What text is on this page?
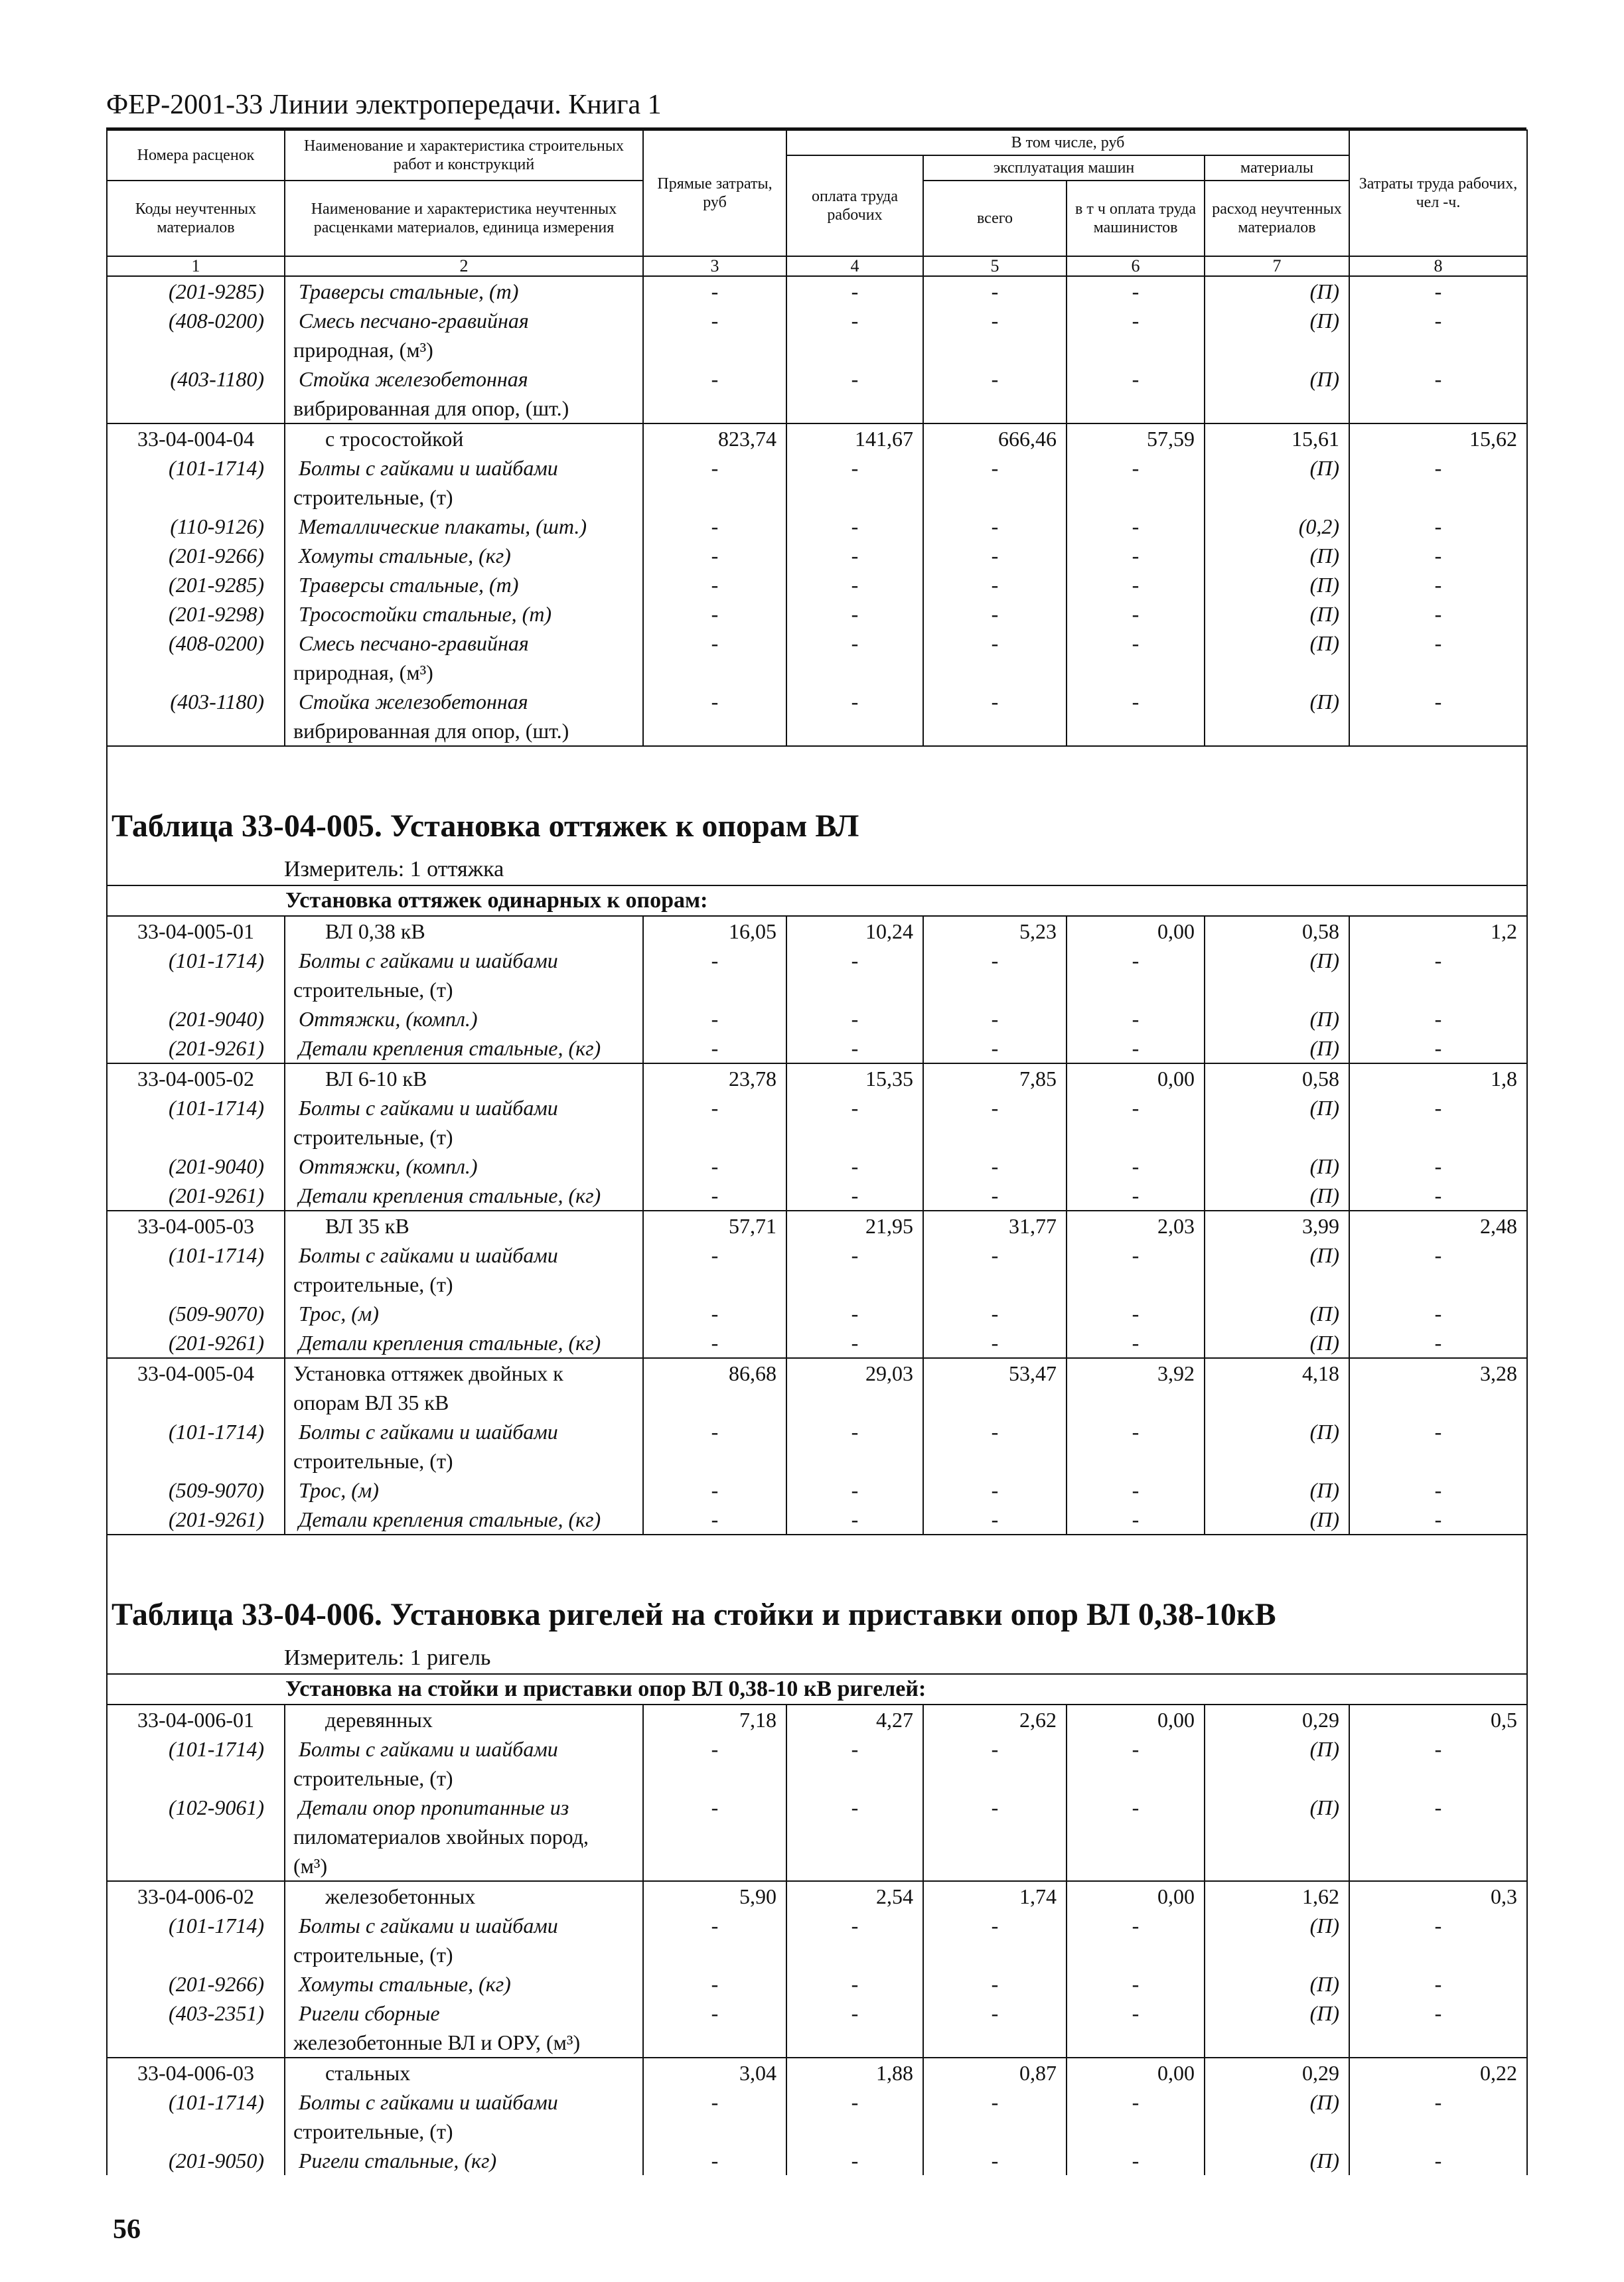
ФЕР-2001-33 Линии электропередачи. Книга 1
Номера расценок	Наименование и характеристика строительных работ и конструкций	Прямые затраты, руб	В том числе, руб				Затраты труда рабочих, чел -ч.
			оплата труда рабочих	эксплуатация машин		материалы	
Коды неучтенных материалов	Наименование и характеристика неучтенных расценками материалов, единица измерения			всего	в т ч оплата труда машинистов	расход неучтенных материалов	

1	2	3	4	5	6	7	8
(201-9285)	Траверсы стальные, (т)	-	-	-	-	(П)	-
(408-0200)	Смесь песчано-гравийная	-	-	-	-	(П)	-
	природная, (м³)						
(403-1180)	Стойка железобетонная	-	-	-	-	(П)	-
	вибрированная для опор, (шт.)						
33-04-004-04	с тросостойкой	823,74	141,67	666,46	57,59	15,61	15,62
(101-1714)	Болты с гайками и шайбами	-	-	-	-	(П)	-
	строительные, (т)						
(110-9126)	Металлические плакаты, (шт.)	-	-	-	-	(0,2)	-
(201-9266)	Хомуты стальные, (кг)	-	-	-	-	(П)	-
(201-9285)	Траверсы стальные, (т)	-	-	-	-	(П)	-
(201-9298)	Тросостойки стальные, (т)	-	-	-	-	(П)	-
(408-0200)	Смесь песчано-гравийная	-	-	-	-	(П)	-
	природная, (м³)						
(403-1180)	Стойка железобетонная	-	-	-	-	(П)	-
	вибрированная для опор, (шт.)						

Таблица 33-04-005. Установка оттяжек к опорам ВЛ							
Измеритель: 1 оттяжка							
Установка оттяжек одинарных к опорам:							
33-04-005-01	ВЛ 0,38 кВ	16,05	10,24	5,23	0,00	0,58	1,2
(101-1714)	Болты с гайками и шайбами	-	-	-	-	(П)	-
	строительные, (т)						
(201-9040)	Оттяжки, (компл.)	-	-	-	-	(П)	-
(201-9261)	Детали крепления стальные, (кг)	-	-	-	-	(П)	-
33-04-005-02	ВЛ 6-10 кВ	23,78	15,35	7,85	0,00	0,58	1,8
(101-1714)	Болты с гайками и шайбами	-	-	-	-	(П)	-
	строительные, (т)						
(201-9040)	Оттяжки, (компл.)	-	-	-	-	(П)	-
(201-9261)	Детали крепления стальные, (кг)	-	-	-	-	(П)	-
33-04-005-03	ВЛ 35 кВ	57,71	21,95	31,77	2,03	3,99	2,48
(101-1714)	Болты с гайками и шайбами	-	-	-	-	(П)	-
	строительные, (т)						
(509-9070)	Трос, (м)	-	-	-	-	(П)	-
(201-9261)	Детали крепления стальные, (кг)	-	-	-	-	(П)	-
33-04-005-04	Установка оттяжек двойных к	86,68	29,03	53,47	3,92	4,18	3,28
	опорам ВЛ 35 кВ						
(101-1714)	Болты с гайками и шайбами	-	-	-	-	(П)	-
	строительные, (т)						
(509-9070)	Трос, (м)	-	-	-	-	(П)	-
(201-9261)	Детали крепления стальные, (кг)	-	-	-	-	(П)	-

Таблица 33-04-006. Установка ригелей на стойки и приставки опор ВЛ 0,38-10кВ							
Измеритель: 1 ригель							
Установка на стойки и приставки опор ВЛ 0,38-10 кВ ригелей:							
33-04-006-01	деревянных	7,18	4,27	2,62	0,00	0,29	0,5
(101-1714)	Болты с гайками и шайбами	-	-	-	-	(П)	-
	строительные, (т)						
(102-9061)	Детали опор пропитанные из	-	-	-	-	(П)	-
	пиломатериалов хвойных пород,						
	(м³)						
33-04-006-02	железобетонных	5,90	2,54	1,74	0,00	1,62	0,3
(101-1714)	Болты с гайками и шайбами	-	-	-	-	(П)	-
	строительные, (т)						
(201-9266)	Хомуты стальные, (кг)	-	-	-	-	(П)	-
(403-2351)	Ригели сборные	-	-	-	-	(П)	-
	железобетонные ВЛ и ОРУ, (м³)						
33-04-006-03	стальных	3,04	1,88	0,87	0,00	0,29	0,22
(101-1714)	Болты с гайками и шайбами	-	-	-	-	(П)	-
	строительные, (т)						
(201-9050)	Ригели стальные, (кг)	-	-	-	-	(П)	-
56
